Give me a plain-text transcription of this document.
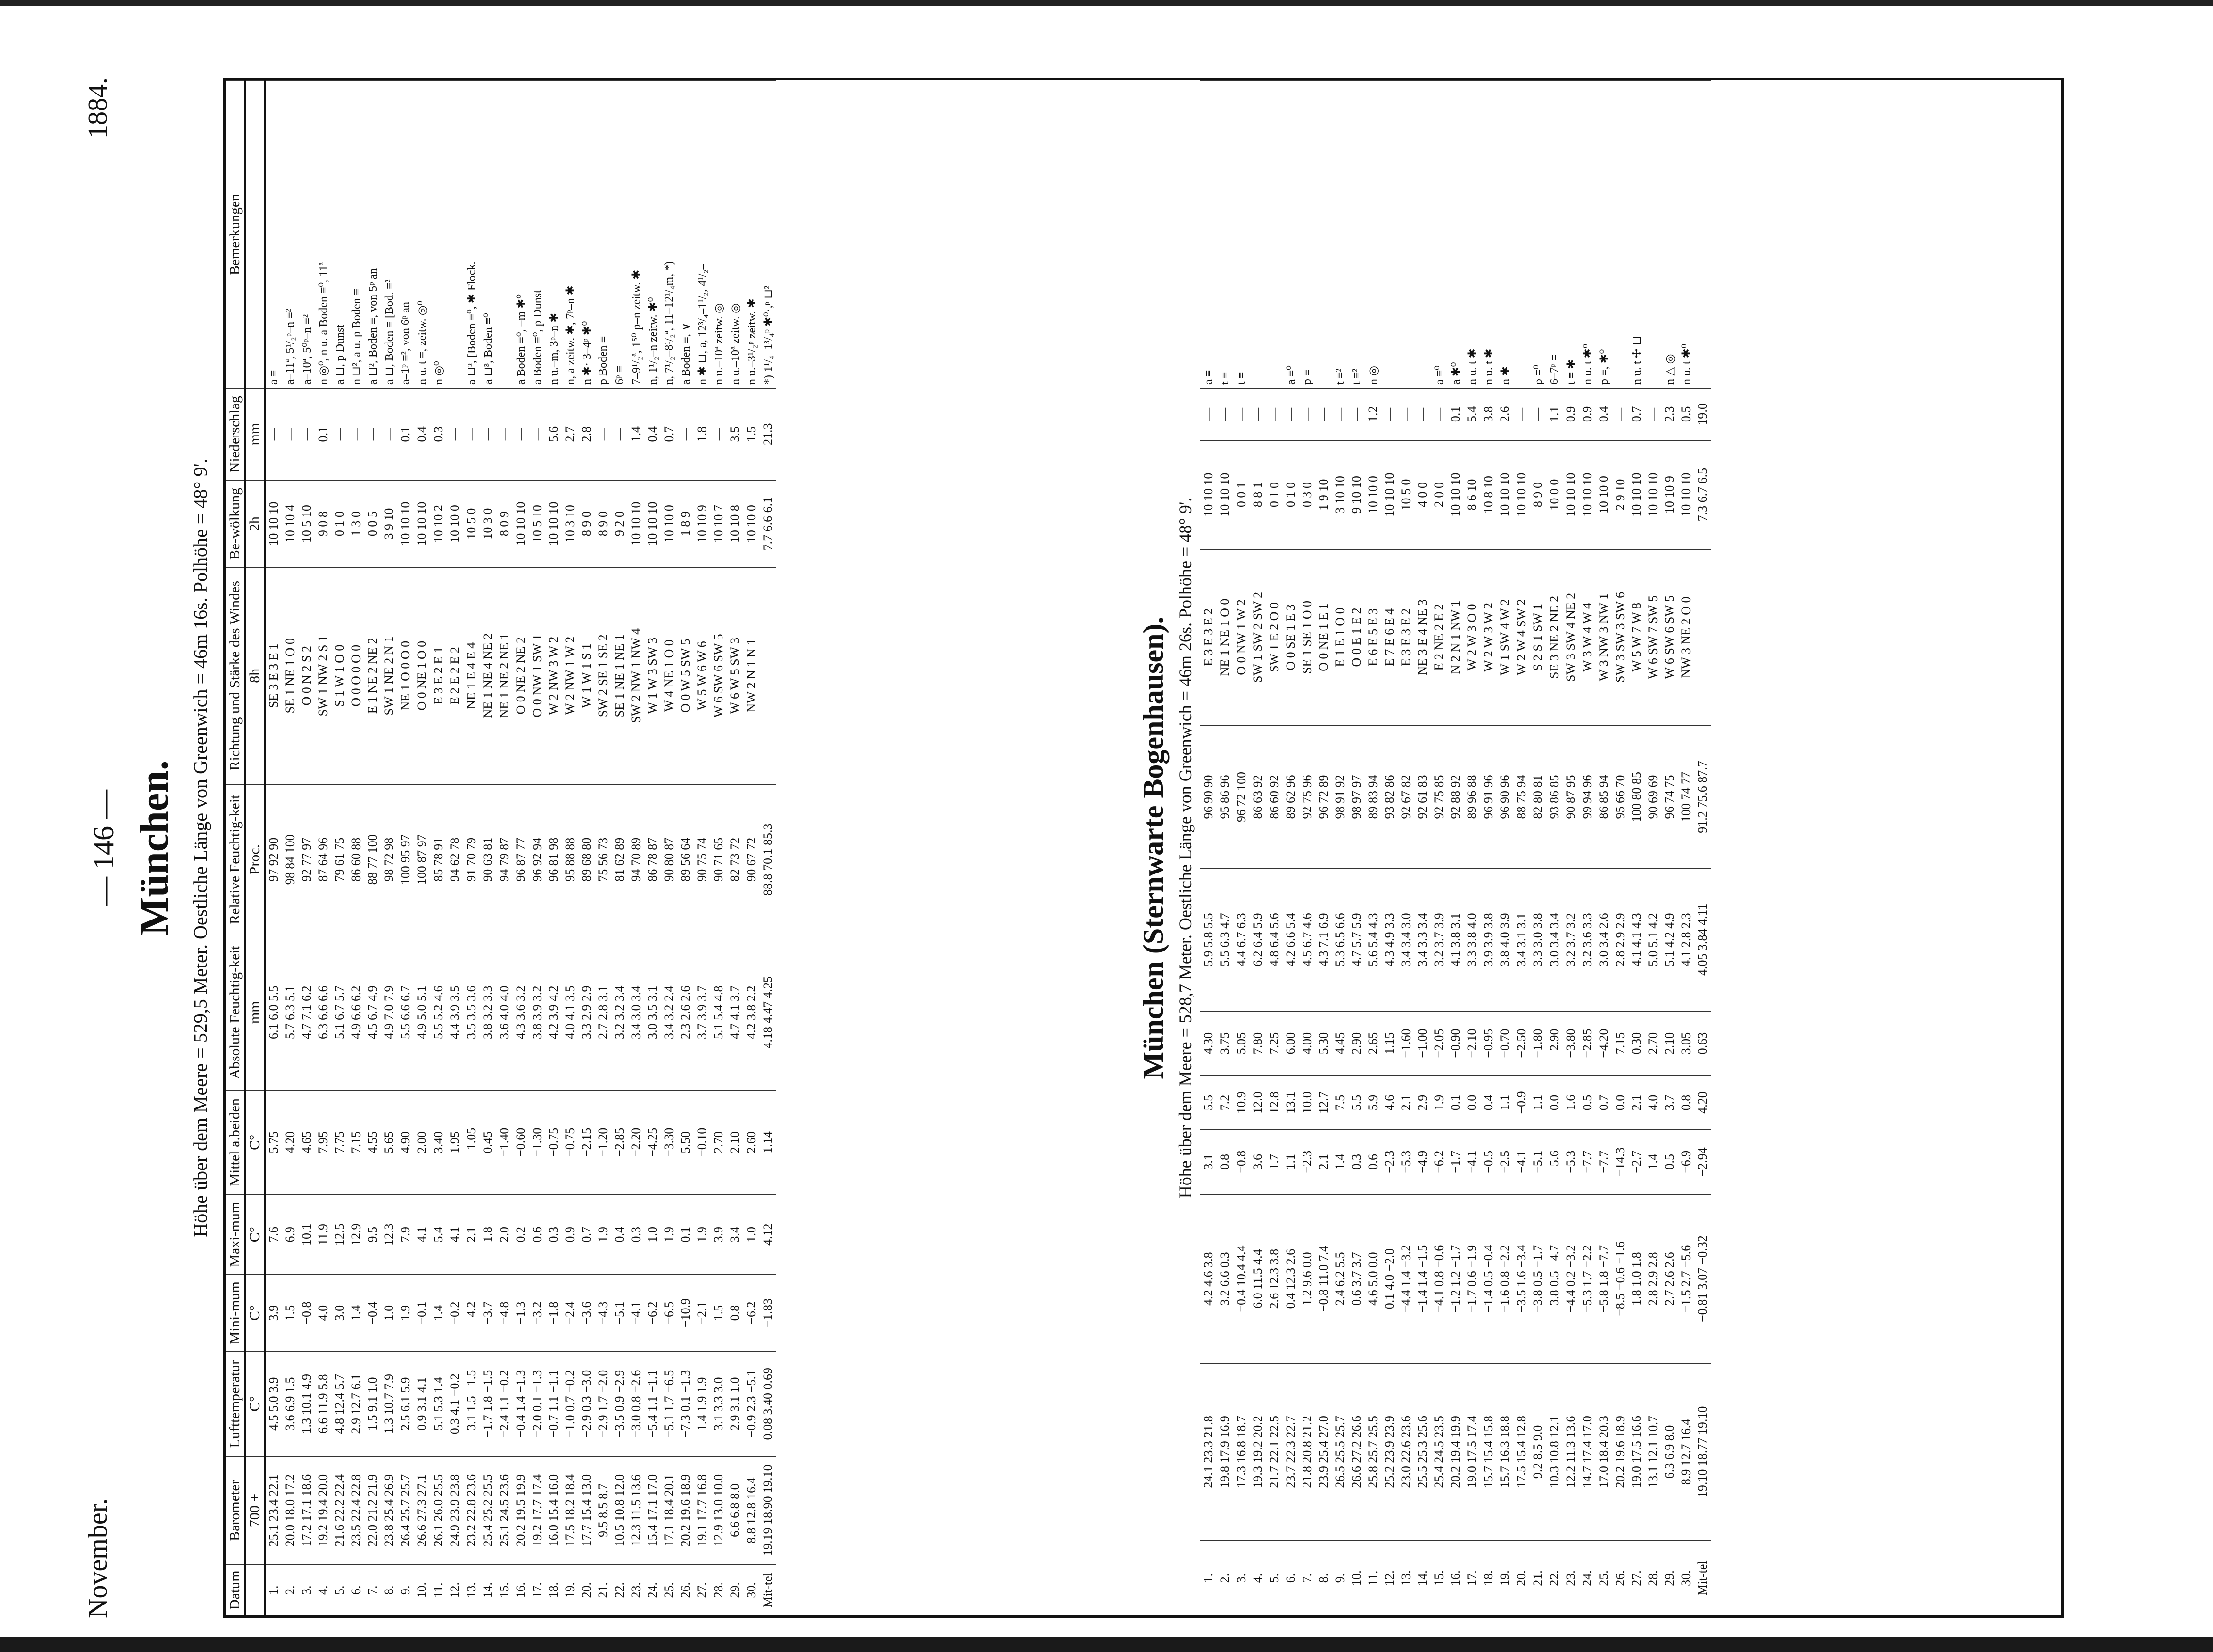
November.
— 146 —
1884.
München. Höhe über dem Meere = 529,5 Meter. Oestliche Länge von Greenwich = 46m 16s. Polhöhe = 48° 9'.
Datum	Barometer	Lufttemperatur	Mini-mum	Maxi-mum	Mittel a.beiden	Absolute Feuchtig-keit	Relative Feuchtig-keit	Richtung und Stärke des Windes	Be-wölkung	Niederschlag	Bemerkungen
	700 +	C°	C°	C°	C°	mm	Proc.	8h	2h	mm	
1.	25.1 23.4 22.1	4.5 5.0 3.9	3.9	7.6	5.75	6.1 6.0 5.5	97 92 90	SE 3 E 3 E 1	10 10 10	—	a ≡
2.	20.0 18.0 17.2	3.6 6.9 1.5	1.5	6.9	4.20	5.7 6.3 5.1	98 84 100	SE 1 NE 1 O 0	10 10 4	—	a–11ª, 5¹/₂ᵖ–n ≡²
3.	17.2 17.1 18.6	1.3 10.1 4.9	−0.8	10.1	4.65	4.7 7.1 6.2	92 77 97	O 0 N 2 S 2	10 5 10	—	a–10ª, 5⁰ᵖ–n ≡²
4.	19.2 19.4 20.0	6.6 11.9 5.8	4.0	11.9	7.95	6.3 6.6 6.6	87 64 96	SW 1 NW 2 S 1	9 0 8	0.1	n ◎⁰, n u. a Boden ≡⁰, 11ª
5.	21.6 22.2 22.4	4.8 12.4 5.7	3.0	12.5	7.75	5.1 6.7 5.7	79 61 75	S 1 W 1 O 0	0 1 0	—	a ⊔, p Dunst
6.	23.5 22.4 22.8	2.9 12.7 6.1	1.4	12.9	7.15	4.9 6.6 6.2	86 60 88	O 0 O 0 O 0	1 3 0	—	n ⊔², a u. p Boden ≡
7.	22.0 21.2 21.9	1.5 9.1 1.0	−0.4	9.5	4.55	4.5 6.7 4.9	88 77 100	E 1 NE 2 NE 2	0 0 5	—	a ⊔², Boden ≡, von 5ᵖ an
8.	23.8 25.4 26.9	1.3 10.7 7.9	1.0	12.3	5.65	4.9 7.0 7.9	98 72 98	SW 1 NE 2 N 1	3 9 10	—	a ⊔, Boden ≡ [Bod. ≡²
9.	26.4 25.7 25.7	2.5 6.1 5.9	1.9	7.9	4.90	5.5 6.6 6.7	100 95 97	NE 1 O 0 O 0	10 10 10	0.1	a–1ᵖ ≡², von 6ᵖ an
10.	26.6 27.3 27.1	0.9 3.1 4.1	−0.1	4.1	2.00	4.9 5.0 5.1	100 87 97	O 0 NE 1 O 0	10 10 10	0.4	n u. t ≡, zeitw. ◎⁰
11.	26.1 26.0 25.5	5.1 5.3 1.4	1.4	5.4	3.40	5.5 5.2 4.6	85 78 91	E 3 E 2 E 1	10 10 2	0.3	n ◎⁰
12.	24.9 23.9 23.8	0.3 4.1 −0.2	−0.2	4.1	1.95	4.4 3.9 3.5	94 62 78	E 2 E 2 E 2	10 10 0	—	
13.	23.2 22.8 23.6	−3.1 1.5 −1.5	−4.2	2.1	−1.05	3.5 3.5 3.6	91 70 79	NE 1 E 4 E 4	10 5 0	—	a ⊔², [Boden ≡⁰, ✱ Flock.
14.	25.4 25.2 25.5	−1.7 1.8 −1.5	−3.7	1.8	0.45	3.8 3.2 3.3	90 63 81	NE 1 NE 4 NE 2	10 3 0	—	a ⊔³, Boden ≡⁰
15.	25.1 24.5 23.6	−2.4 1.1 −0.2	−4.8	2.0	−1.40	3.6 4.0 4.0	94 79 87	NE 1 NE 2 NE 1	8 0 9	—	
16.	20.2 19.5 19.9	−0.4 1.4 −1.3	−1.3	0.2	−0.60	4.3 3.6 3.2	96 87 77	O 0 NE 2 NE 2	10 10 10	—	a Boden ≡⁰, –m ✱⁰
17.	19.2 17.7 17.4	−2.0 0.1 −1.3	−3.2	0.6	−1.30	3.8 3.9 3.2	96 92 94	O 0 NW 1 SW 1	10 5 10	—	a Boden ≡⁰, p Dunst
18.	16.0 15.4 16.0	−0.7 1.1 −1.1	−1.8	0.3	−0.75	4.2 3.9 4.2	96 81 98	W 2 NW 3 W 2	10 10 10	5.6	n u.–m, 3ᵖ–n ✱
19.	17.5 18.2 18.4	−1.0 0.7 −0.2	−2.4	0.9	−0.75	4.0 4.1 3.5	95 88 88	W 2 NW 1 W 2	10 3 10	2.7	n, a zeitw. ✱, 7ᵖ–n ✱
20.	17.7 15.4 13.0	−2.9 0.3 −3.0	−3.6	0.7	−2.15	3.3 2.9 2.9	89 68 80	W 1 W 1 S 1	8 9 0	2.8	n ✱· 3–4ᵖ ✱⁰
21.	9.5 8.5 8.7	−2.9 1.7 −2.0	−4.3	1.9	−1.20	2.7 2.8 3.1	75 56 73	SW 2 SE 1 SE 2	8 9 0	—	p Boden ≡
22.	10.5 10.8 12.0	−3.5 0.9 −2.9	−5.1	0.4	−2.85	3.2 3.2 3.4	81 62 89	SE 1 NE 1 NE 1	9 2 0	—	6ᵖ ≡
23.	12.3 11.5 13.6	−3.0 0.8 −2.6	−4.1	0.3	−2.20	3.4 3.0 3.4	94 70 89	SW 2 NW 1 NW 4	10 10 10	1.4	7–9¹/₂ª, 1⁵⁰ p–n zeitw. ✱
24.	15.4 17.1 17.0	−5.4 1.1 −1.1	−6.2	1.0	−4.25	3.0 3.5 3.1	86 78 87	W 1 W 3 SW 3	10 10 10	0.4	n, 1¹/₂–n zeitw. ✱⁰
25.	17.1 18.4 20.1	−5.1 1.7 −6.5	−6.5	1.9	−3.30	3.4 3.2 2.4	90 80 87	W 4 NE 1 O 0	10 10 0	0.7	n, 7¹/₂–8¹/₂ª, 11–12¹/₄m, *)
26.	20.2 19.6 18.9	−7.3 0.1 −1.3	−10.9	0.1	5.50	2.3 2.6 2.6	89 56 64	O 0 W 5 SW 5	1 8 9	—	a Boden ≡, ∨
27.	19.1 17.7 16.8	1.4 1.9 1.9	−2.1	1.9	−0.10	3.7 3.9 3.7	90 75 74	W 5 W 6 W 6	10 10 9	1.8	n ✱ ⊔, a, 12³/₄–1¹/₂, 4¹/₂–
28.	12.9 13.0 10.0	3.1 3.3 3.0	1.5	3.9	2.70	5.1 5.4 4.8	90 71 65	W 6 SW 6 SW 5	10 10 7	—	n u.–10ª zeitw. ◎
29.	6.6 6.8 8.0	2.9 3.1 1.0	0.8	3.4	2.10	4.7 4.1 3.7	82 73 72	W 6 W 5 SW 3	10 10 8	3.5	n u.–10ª zeitw. ◎
30.	8.8 12.8 16.4	−0.9 2.3 −5.1	−6.2	1.0	2.60	4.2 3.8 2.2	90 67 72	NW 2 N 1 N 1	10 10 0	1.5	n u.–3¹/₂ᵖ zeitw. ✱
Mit-tel	19.19 18.90 19.10	0.08 3.40 0.69	−1.83	4.12	1.14	4.18 4.47 4.25	88.8 70.1 85.3		7.7 6.6 6.1	21.3	*) 1¹/₄–1³/₄ᵖ ✱⁰·,ᵖ ⊔²
München (Sternwarte Bogenhausen). Höhe über dem Meere = 528,7 Meter. Oestliche Länge von Greenwich = 46m 26s. Polhöhe = 48° 9'.
1.	24.1 23.3 21.8	4.2 4.6 3.8	3.1	5.5	4.30	5.9 5.8 5.5	96 90 90	E 3 E 3 E 2	10 10 10	—	a ≡
2.	19.8 17.9 16.9	3.2 6.6 0.3	0.8	7.2	3.75	5.5 6.3 4.7	95 86 96	NE 1 NE 1 O 0	10 10 10	—	t ≡
3.	17.3 16.8 18.7	−0.4 10.4 4.4	−0.8	10.9	5.05	4.4 6.7 6.3	96 72 100	O 0 NW 1 W 2	0 0 1	—	t ≡
4.	19.3 19.2 20.2	6.0 11.5 4.4	3.6	12.0	7.80	6.2 6.4 5.9	86 63 92	SW 1 SW 2 SW 2	8 8 1	—	
5.	21.7 22.1 22.5	2.6 12.3 3.8	1.7	12.8	7.25	4.8 6.4 5.6	86 60 92	SW 1 E 2 O 0	0 1 0	—	
6.	23.7 22.3 22.7	0.4 12.3 2.6	1.1	13.1	6.00	4.2 6.6 5.4	89 62 96	O 0 SE 1 E 3	0 1 0	—	a ≡⁰
7.	21.8 20.8 21.2	1.2 9.6 0.0	−2.3	10.0	4.00	4.5 6.7 4.6	92 75 96	SE 1 SE 1 O 0	0 3 0	—	p ≡
8.	23.9 25.4 27.0	−0.8 11.0 7.4	2.1	12.7	5.30	4.3 7.1 6.9	96 72 89	O 0 NE 1 E 1	1 9 10	—	
9.	26.5 25.5 25.7	2.4 6.2 5.5	1.4	7.5	4.45	5.3 6.5 6.6	98 91 92	E 1 E 1 O 0	3 10 10	—	t ≡²
10.	26.6 27.2 26.6	0.6 3.7 3.7	0.3	5.5	2.90	4.7 5.7 5.9	98 97 97	O 0 E 1 E 2	9 10 10	—	t ≡²
11.	25.8 25.7 25.5	4.6 5.0 0.0	0.6	5.9	2.65	5.6 5.4 4.3	89 83 94	E 6 E 5 E 3	10 10 0	1.2	n ◎
12.	25.2 23.9 23.9	0.1 4.0 −2.0	−2.3	4.6	1.15	4.3 4.9 3.3	93 82 86	E 7 E 6 E 4	10 10 10	—	
13.	23.0 22.6 23.6	−4.4 1.4 −3.2	−5.3	2.1	−1.60	3.4 3.4 3.0	92 67 82	E 3 E 3 E 2	10 5 0	—	
14.	25.5 25.3 25.6	−1.4 1.4 −1.5	−4.9	2.9	−1.00	3.4 3.3 3.4	92 61 83	NE 3 E 4 NE 3	4 0 0	—	
15.	25.4 24.5 23.5	−4.1 0.8 −0.6	−6.2	1.9	−2.05	3.2 3.7 3.9	92 75 85	E 2 NE 2 E 2	2 0 0	—	a ≡⁰
16.	20.2 19.4 19.9	−1.2 1.2 −1.7	−1.7	0.1	−0.90	4.1 3.8 3.1	92 88 92	N 2 N 1 NW 1	10 10 10	0.1	a ✱⁰
17.	19.0 17.5 17.4	−1.7 0.6 −1.9	−4.1	0.0	−2.10	3.3 3.8 4.0	89 96 88	W 2 W 3 O 0	8 6 10	5.4	n u. t ✱
18.	15.7 15.4 15.8	−1.4 0.5 −0.4	−0.5	0.4	−0.95	3.9 3.9 3.8	96 91 96	W 2 W 3 W 2	10 8 10	3.8	n u. t ✱
19.	15.7 16.3 18.8	−1.6 0.8 −2.2	−2.5	1.1	−0.70	3.8 4.0 3.9	96 90 96	W 1 SW 4 W 2	10 10 10	2.6	n ✱
20.	17.5 15.4 12.8	−3.5 1.6 −3.4	−4.1	−0.9	−2.50	3.4 3.1 3.1	88 75 94	W 2 W 4 SW 2	10 10 10	—	
21.	9.2 8.5 9.0	−3.8 0.5 −1.7	−5.1	1.1	−1.80	3.3 3.0 3.8	82 80 81	S 2 S 1 SW 1	8 9 0	—	p ≡⁰
22.	10.3 10.8 12.1	−3.8 0.5 −4.7	−5.6	0.0	−2.90	3.0 3.4 3.4	93 86 85	SE 3 NE 2 NE 2	10 0 0	1.1	6–7ᵖ ≡
23.	12.2 11.3 13.6	−4.4 0.2 −3.2	−5.3	1.6	−3.80	3.2 3.7 3.2	90 87 95	SW 3 SW 4 NE 2	10 10 10	0.9	t ≡ ✱
24.	14.7 17.4 17.0	−5.3 1.7 −2.2	−7.7	0.5	−2.85	3.2 3.6 3.3	99 94 96	W 3 W 4 W 4	10 10 10	0.9	n u. t ✱⁰
25.	17.0 18.4 20.3	−5.8 1.8 −7.7	−7.7	0.7	−4.20	3.0 3.4 2.6	86 85 94	W 3 NW 3 NW 1	10 10 0	0.4	p ≡, ✱⁰
26.	20.2 19.6 18.9	−8.5 −0.6 −1.6	−14.3	0.0	7.15	2.8 2.9 2.9	95 66 70	SW 3 SW 3 SW 6	2 9 10	—	
27.	19.0 17.5 16.6	1.8 1.0 1.8	−2.7	2.1	0.30	4.1 4.1 4.3	100 80 85	W 5 W 7 W 8	10 10 10	0.7	n u. t ✢ ⊔
28.	13.1 12.1 10.7	2.8 2.9 2.8	1.4	4.0	2.70	5.0 5.1 4.2	90 69 69	W 6 SW 7 SW 5	10 10 10	—	
29.	6.3 6.9 8.0	2.7 2.6 2.6	0.5	3.7	2.10	5.1 4.2 4.9	96 74 75	W 6 SW 6 SW 5	10 10 9	2.3	n △ ◎
30.	8.9 12.7 16.4	−1.5 2.7 −5.6	−6.9	0.8	3.05	4.1 2.8 2.3	100 74 77	NW 3 NE 2 O 0	10 10 10	0.5	n u. t ✱⁰
Mit-tel	19.10 18.77 19.10	−0.81 3.07 −0.32	−2.94	4.20	0.63	4.05 3.84 4.11	91.2 75.6 87.7		7.3 6.7 6.5	19.0	
